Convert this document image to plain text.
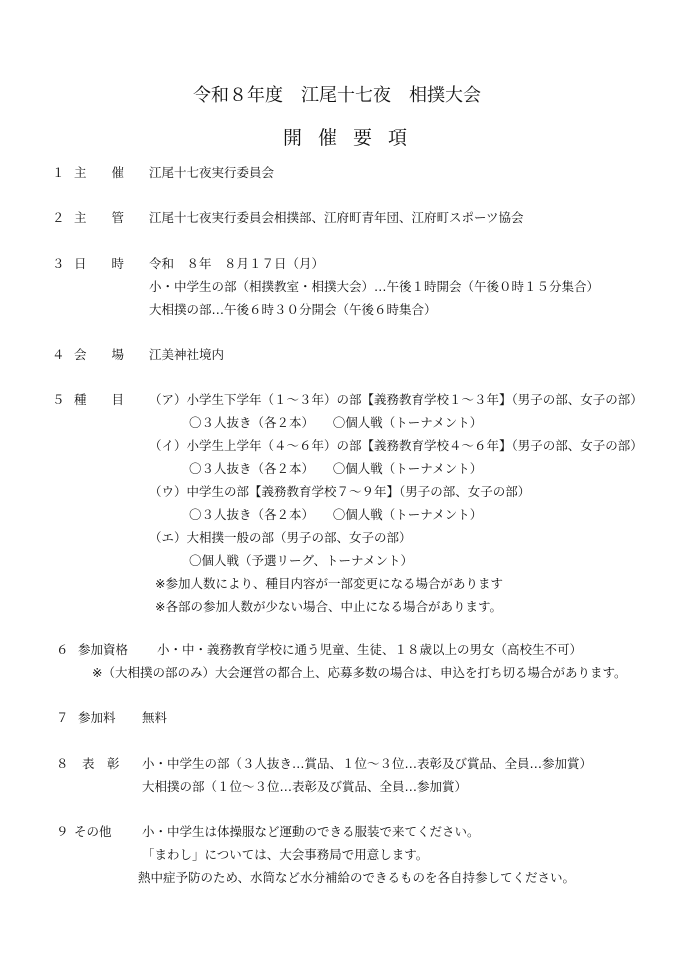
令和８年度　江尾十七夜　相撲大会
開催要項
１ 主　　催 江尾十七夜実行委員会
２ 主　　管 江尾十七夜実行委員会相撲部、江府町青年団、江府町スポーツ協会
３ 日　　時 令和　８年　８月１７日（月）
小・中学生の部（相撲教室・相撲大会）…午後１時開会（午後０時１５分集合）
大相撲の部…午後６時３０分開会（午後６時集合）
４ 会　　場 江美神社境内
５ 種　　目 （ア）小学生下学年（１～３年）の部【義務教育学校１～３年】（男子の部、女子の部）
〇３人抜き（各２本）　　〇個人戦（トーナメント）
（イ）小学生上学年（４～６年）の部【義務教育学校４～６年】（男子の部、女子の部）
〇３人抜き（各２本）　　〇個人戦（トーナメント）
（ウ）中学生の部【義務教育学校７～９年】（男子の部、女子の部）
〇３人抜き（各２本）　　〇個人戦（トーナメント）
（エ）大相撲一般の部（男子の部、女子の部）
〇個人戦（予選リーグ、トーナメント）
※参加人数により、種目内容が一部変更になる場合があります
※各部の参加人数が少ない場合、中止になる場合があります。
６ 参加資格 小・中・義務教育学校に通う児童、生徒、１８歳以上の男女（高校生不可）
※（大相撲の部のみ）大会運営の都合上、応募多数の場合は、申込を打ち切る場合があります。
７ 参加料 無料
８ 表　彰 小・中学生の部（３人抜き…賞品、１位～３位…表彰及び賞品、全員…参加賞）
大相撲の部（１位～３位…表彰及び賞品、全員…参加賞）
９ その他 小・中学生は体操服など運動のできる服装で来てください。
「まわし」については、大会事務局で用意します。
熱中症予防のため、水筒など水分補給のできるものを各自持参してください。
